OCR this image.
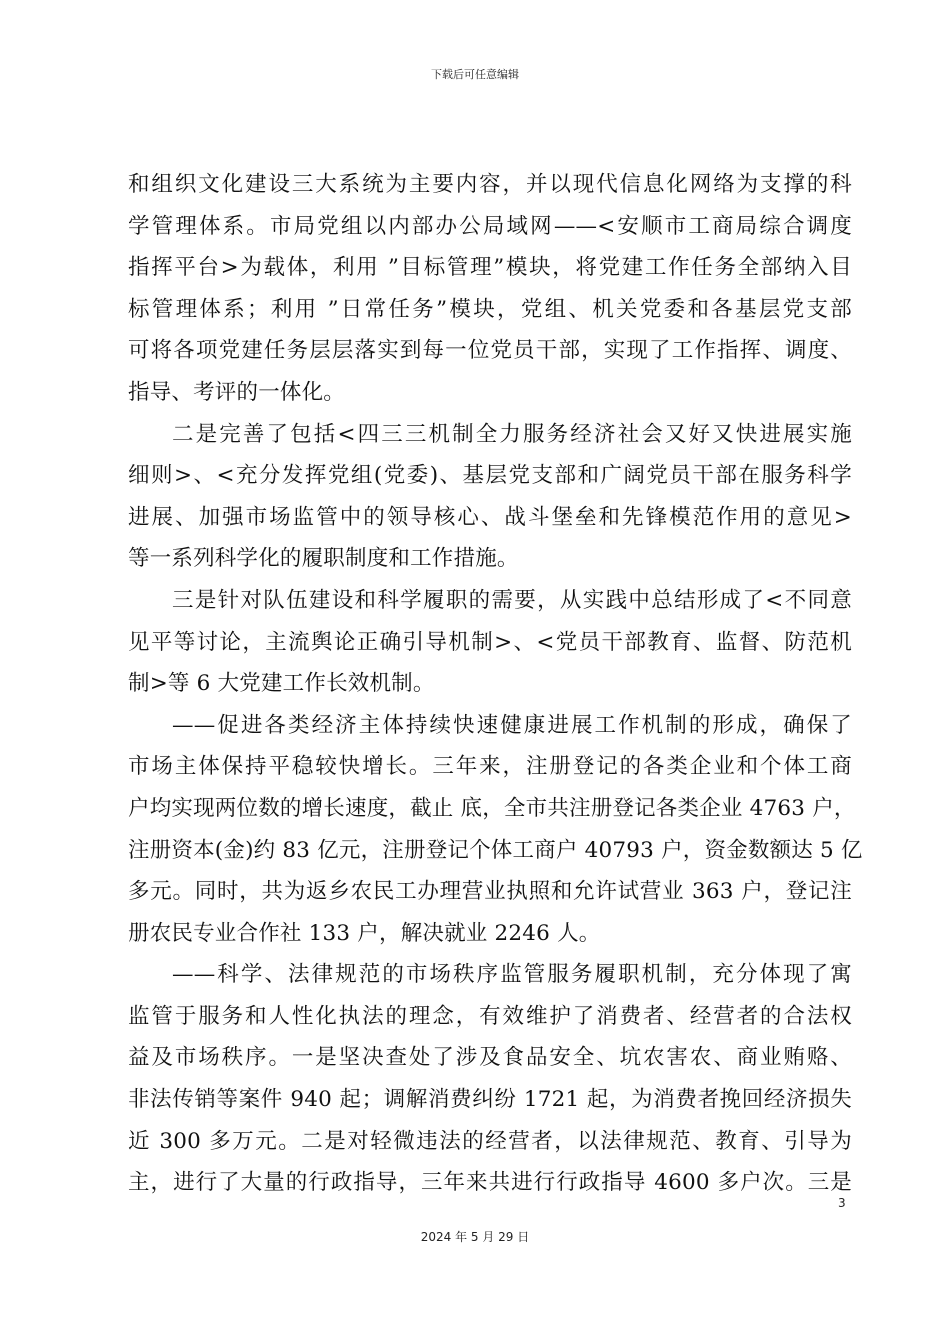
下载后可任意编辑
和组织文化建设三大系统为主要内容，并以现代信息化网络为支撑的科
学管理体系。市局党组以内部办公局域网——<安顺市工商局综合调度
指挥平台>为载体，利用 ”目标管理”模块，将党建工作任务全部纳入目
标管理体系；利用 ”日常任务”模块，党组、机关党委和各基层党支部
可将各项党建任务层层落实到每一位党员干部，实现了工作指挥、调度、
指导、考评的一体化。
二是完善了包括<四三三机制全力服务经济社会又好又快进展实施
细则>、<充分发挥党组(党委)、基层党支部和广阔党员干部在服务科学
进展、加强市场监管中的领导核心、战斗堡垒和先锋模范作用的意见>
等一系列科学化的履职制度和工作措施。
三是针对队伍建设和科学履职的需要，从实践中总结形成了<不同意
见平等讨论，主流舆论正确引导机制>、<党员干部教育、监督、防范机
制>等 6 大党建工作长效机制。
——促进各类经济主体持续快速健康进展工作机制的形成，确保了
市场主体保持平稳较快增长。三年来，注册登记的各类企业和个体工商
户均实现两位数的增长速度，截止 底，全市共注册登记各类企业 4763 户，
注册资本(金)约 83 亿元，注册登记个体工商户 40793 户，资金数额达 5 亿
多元。同时，共为返乡农民工办理营业执照和允许试营业 363 户，登记注
册农民专业合作社 133 户，解决就业 2246 人。
——科学、法律规范的市场秩序监管服务履职机制，充分体现了寓
监管于服务和人性化执法的理念，有效维护了消费者、经营者的合法权
益及市场秩序。一是坚决查处了涉及食品安全、坑农害农、商业贿赂、
非法传销等案件 940 起；调解消费纠纷 1721 起，为消费者挽回经济损失
近 300 多万元。二是对轻微违法的经营者，以法律规范、教育、引导为
主，进行了大量的行政指导，三年来共进行行政指导 4600 多户次。三是
3
2024 年 5 月 29 日
